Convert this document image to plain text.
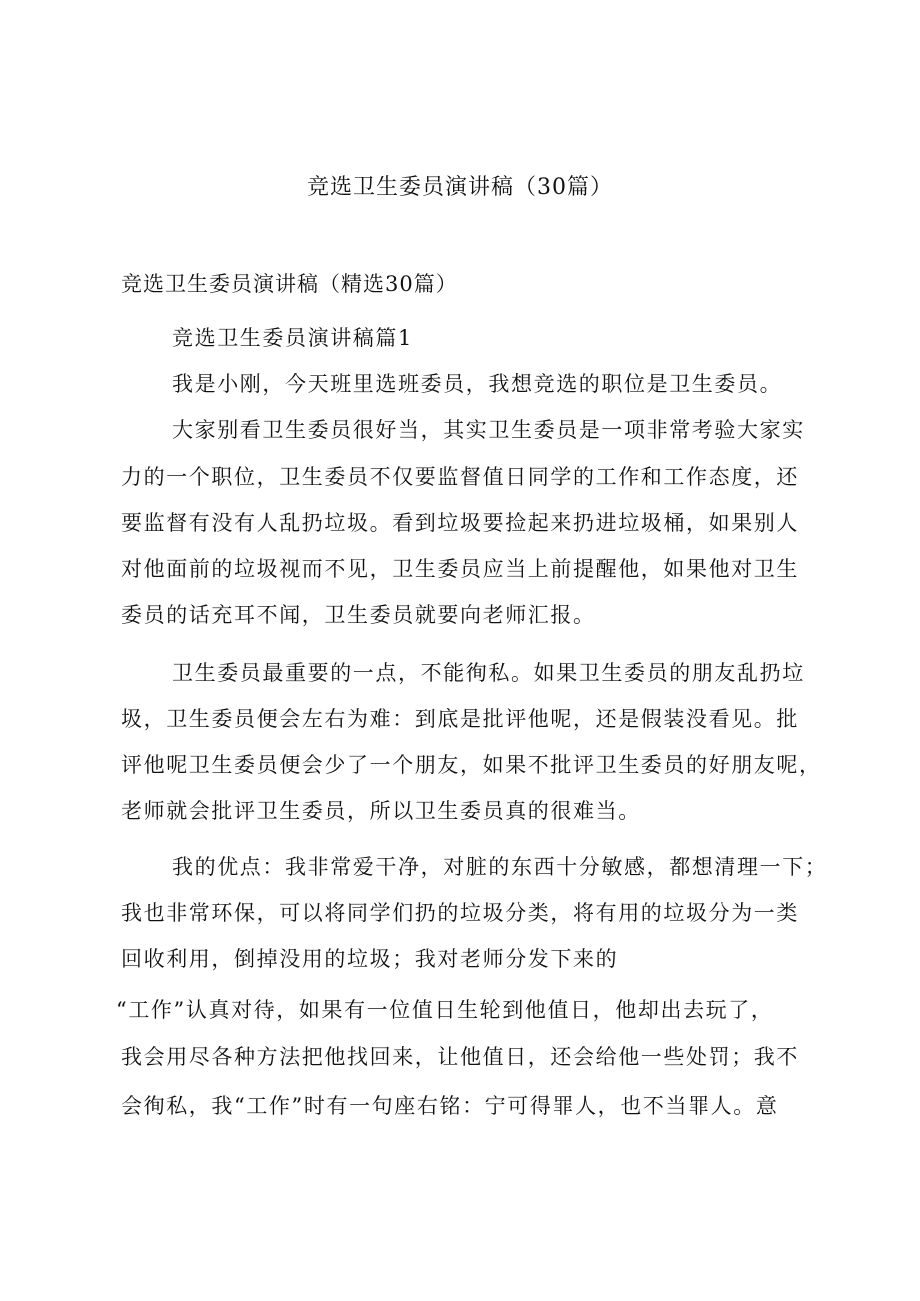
竞选卫生委员演讲稿（30篇）
竞选卫生委员演讲稿（精选30篇）
竞选卫生委员演讲稿篇1
我是小刚，今天班里选班委员，我想竞选的职位是卫生委员。
大家别看卫生委员很好当，其实卫生委员是一项非常考验大家实
力的一个职位，卫生委员不仅要监督值日同学的工作和工作态度，还
要监督有没有人乱扔垃圾。看到垃圾要捡起来扔进垃圾桶，如果别人
对他面前的垃圾视而不见，卫生委员应当上前提醒他，如果他对卫生
委员的话充耳不闻，卫生委员就要向老师汇报。
卫生委员最重要的一点，不能徇私。如果卫生委员的朋友乱扔垃
圾，卫生委员便会左右为难：到底是批评他呢，还是假装没看见。批
评他呢卫生委员便会少了一个朋友，如果不批评卫生委员的好朋友呢，
老师就会批评卫生委员，所以卫生委员真的很难当。
我的优点：我非常爱干净，对脏的东西十分敏感，都想清理一下；
我也非常环保，可以将同学们扔的垃圾分类，将有用的垃圾分为一类
回收利用，倒掉没用的垃圾；我对老师分发下来的
“工作”认真对待，如果有一位值日生轮到他值日，他却出去玩了，
我会用尽各种方法把他找回来，让他值日，还会给他一些处罚；我不
会徇私，我“工作”时有一句座右铭：宁可得罪人，也不当罪人。意
